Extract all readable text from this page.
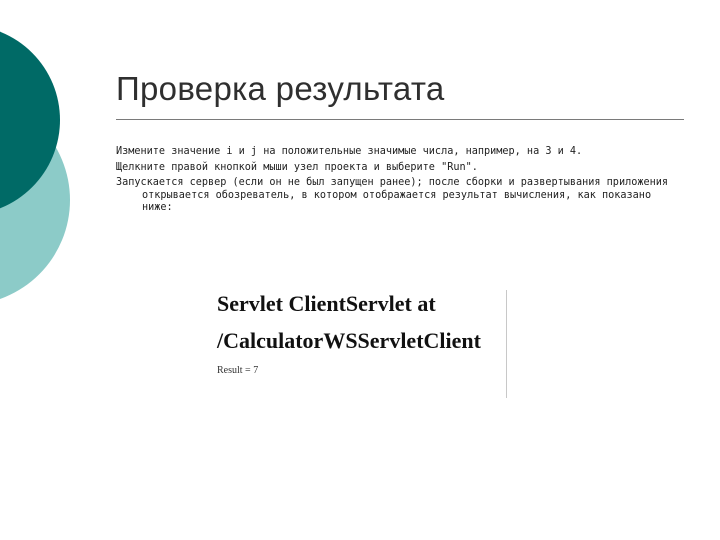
Проверка результата

Измените значение i и j на положительные значимые числа, например, на 3 и 4.

Щелкните правой кнопкой мыши узел проекта и выберите "Run".

Запускается сервер (если он не был запущен ранее); после сборки и развертывания приложения открывается обозреватель, в котором отображается результат вычисления, как показано ниже:

Servlet ClientServlet at
/CalculatorWSServletClient
Result = 7
